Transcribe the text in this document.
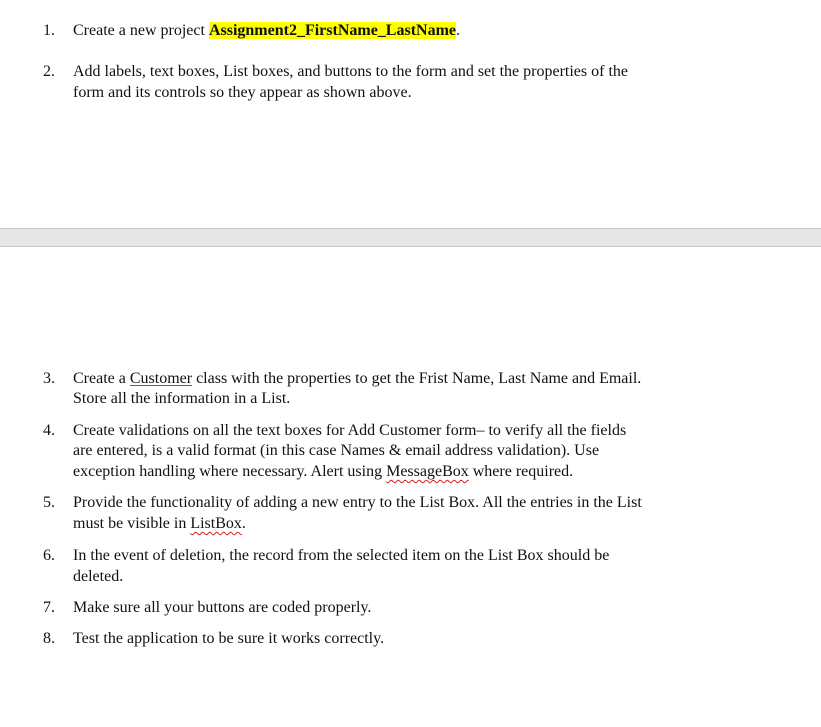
1. Create a new project Assignment2_FirstName_LastName.
2. Add labels, text boxes, List boxes, and buttons to the form and set the properties of the
form and its controls so they appear as shown above.
3. Create a Customer class with the properties to get the Frist Name, Last Name and Email.
Store all the information in a List.
4. Create validations on all the text boxes for Add Customer form– to verify all the fields
are entered, is a valid format (in this case Names & email address validation). Use
exception handling where necessary. Alert using MessageBox where required.
5. Provide the functionality of adding a new entry to the List Box. All the entries in the List
must be visible in ListBox.
6. In the event of deletion, the record from the selected item on the List Box should be
deleted.
7. Make sure all your buttons are coded properly.
8. Test the application to be sure it works correctly.
